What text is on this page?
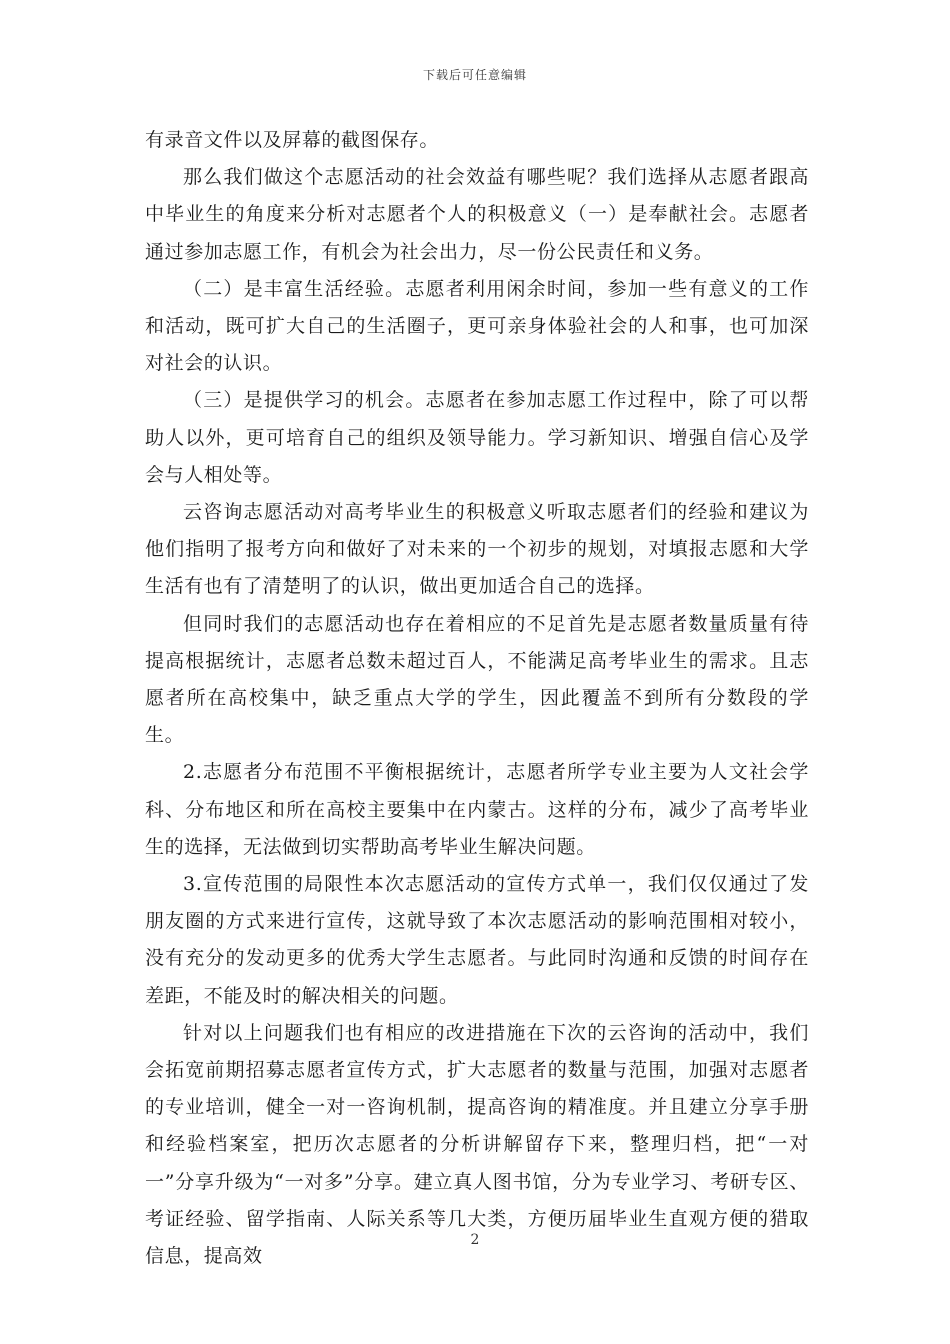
下载后可任意编辑

有录音文件以及屏幕的截图保存。

那么我们做这个志愿活动的社会效益有哪些呢？我们选择从志愿者跟高中毕业生的角度来分析对志愿者个人的积极意义（一）是奉献社会。志愿者通过参加志愿工作，有机会为社会出力，尽一份公民责任和义务。

（二）是丰富生活经验。志愿者利用闲余时间，参加一些有意义的工作和活动，既可扩大自己的生活圈子，更可亲身体验社会的人和事，也可加深对社会的认识。

（三）是提供学习的机会。志愿者在参加志愿工作过程中，除了可以帮助人以外，更可培育自己的组织及领导能力。学习新知识、增强自信心及学会与人相处等。

云咨询志愿活动对高考毕业生的积极意义听取志愿者们的经验和建议为他们指明了报考方向和做好了对未来的一个初步的规划，对填报志愿和大学生活有也有了清楚明了的认识，做出更加适合自己的选择。

但同时我们的志愿活动也存在着相应的不足首先是志愿者数量质量有待提高根据统计，志愿者总数未超过百人，不能满足高考毕业生的需求。且志愿者所在高校集中，缺乏重点大学的学生，因此覆盖不到所有分数段的学生。

2.志愿者分布范围不平衡根据统计，志愿者所学专业主要为人文社会学科、分布地区和所在高校主要集中在内蒙古。这样的分布，减少了高考毕业生的选择，无法做到切实帮助高考毕业生解决问题。

3.宣传范围的局限性本次志愿活动的宣传方式单一，我们仅仅通过了发朋友圈的方式来进行宣传，这就导致了本次志愿活动的影响范围相对较小，没有充分的发动更多的优秀大学生志愿者。与此同时沟通和反馈的时间存在差距，不能及时的解决相关的问题。

针对以上问题我们也有相应的改进措施在下次的云咨询的活动中，我们会拓宽前期招募志愿者宣传方式，扩大志愿者的数量与范围，加强对志愿者的专业培训，健全一对一咨询机制，提高咨询的精准度。并且建立分享手册和经验档案室，把历次志愿者的分析讲解留存下来，整理归档，把“一对一”分享升级为“一对多”分享。建立真人图书馆，分为专业学习、考研专区、考证经验、留学指南、人际关系等几大类，方便历届毕业生直观方便的猎取信息，提高效

2
